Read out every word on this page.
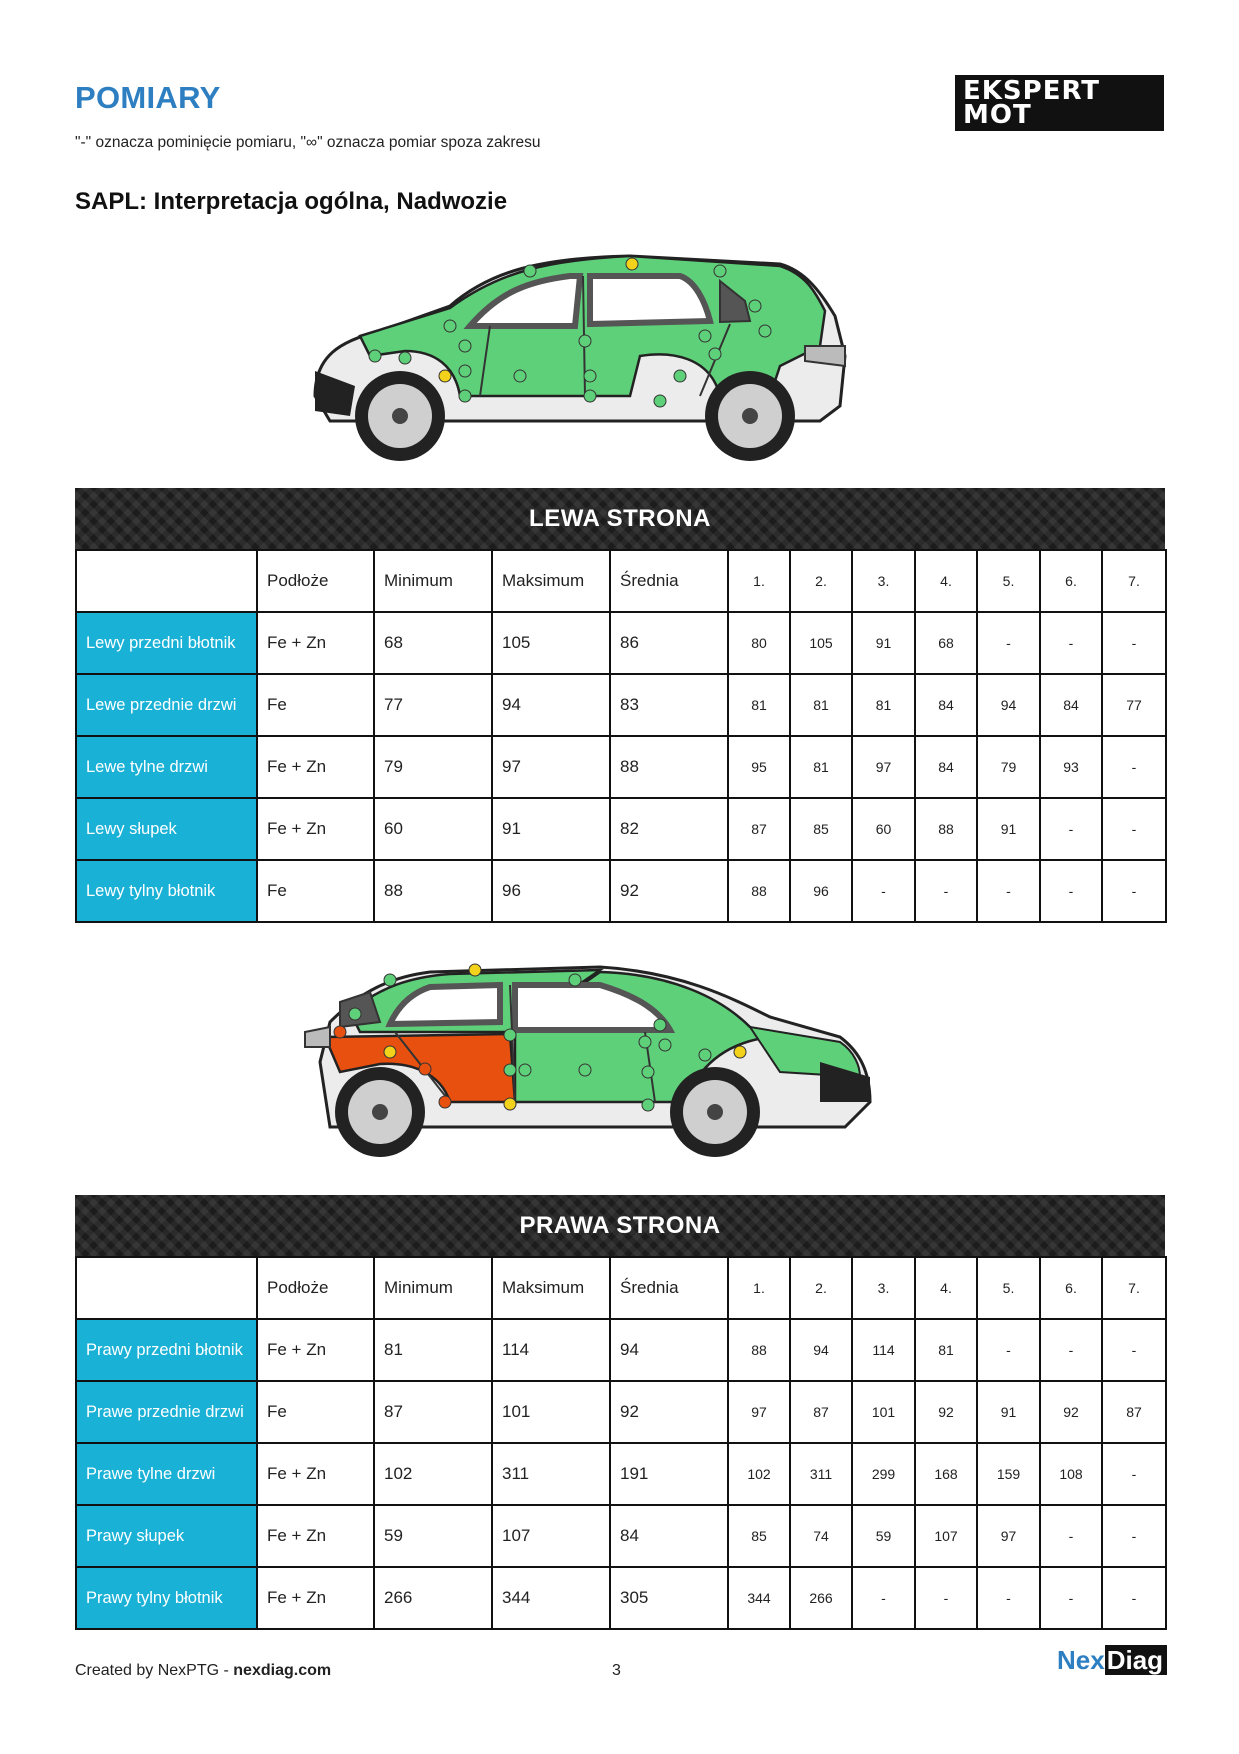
POMIARY
"-" oznacza pominięcie pomiaru, "∞" oznacza pomiar spoza zakresu
SAPL: Interpretacja ogólna, Nadwozie
EKSPERT
MOT
LEWA STRONA
	Podłoże	Minimum	Maksimum	Średnia	1.	2.	3.	4.	5.	6.	7.
Lewy przedni błotnik	Fe + Zn	68	105	86	80	105	91	68	-	-	-
Lewe przednie drzwi	Fe	77	94	83	81	81	81	84	94	84	77
Lewe tylne drzwi	Fe + Zn	79	97	88	95	81	97	84	79	93	-
Lewy słupek	Fe + Zn	60	91	82	87	85	60	88	91	-	-
Lewy tylny błotnik	Fe	88	96	92	88	96	-	-	-	-	-
PRAWA STRONA
	Podłoże	Minimum	Maksimum	Średnia	1.	2.	3.	4.	5.	6.	7.
Prawy przedni błotnik	Fe + Zn	81	114	94	88	94	114	81	-	-	-
Prawe przednie drzwi	Fe	87	101	92	97	87	101	92	91	92	87
Prawe tylne drzwi	Fe + Zn	102	311	191	102	311	299	168	159	108	-
Prawy słupek	Fe + Zn	59	107	84	85	74	59	107	97	-	-
Prawy tylny błotnik	Fe + Zn	266	344	305	344	266	-	-	-	-	-
Created by NexPTG - nexdiag.com	3	NexDiag
